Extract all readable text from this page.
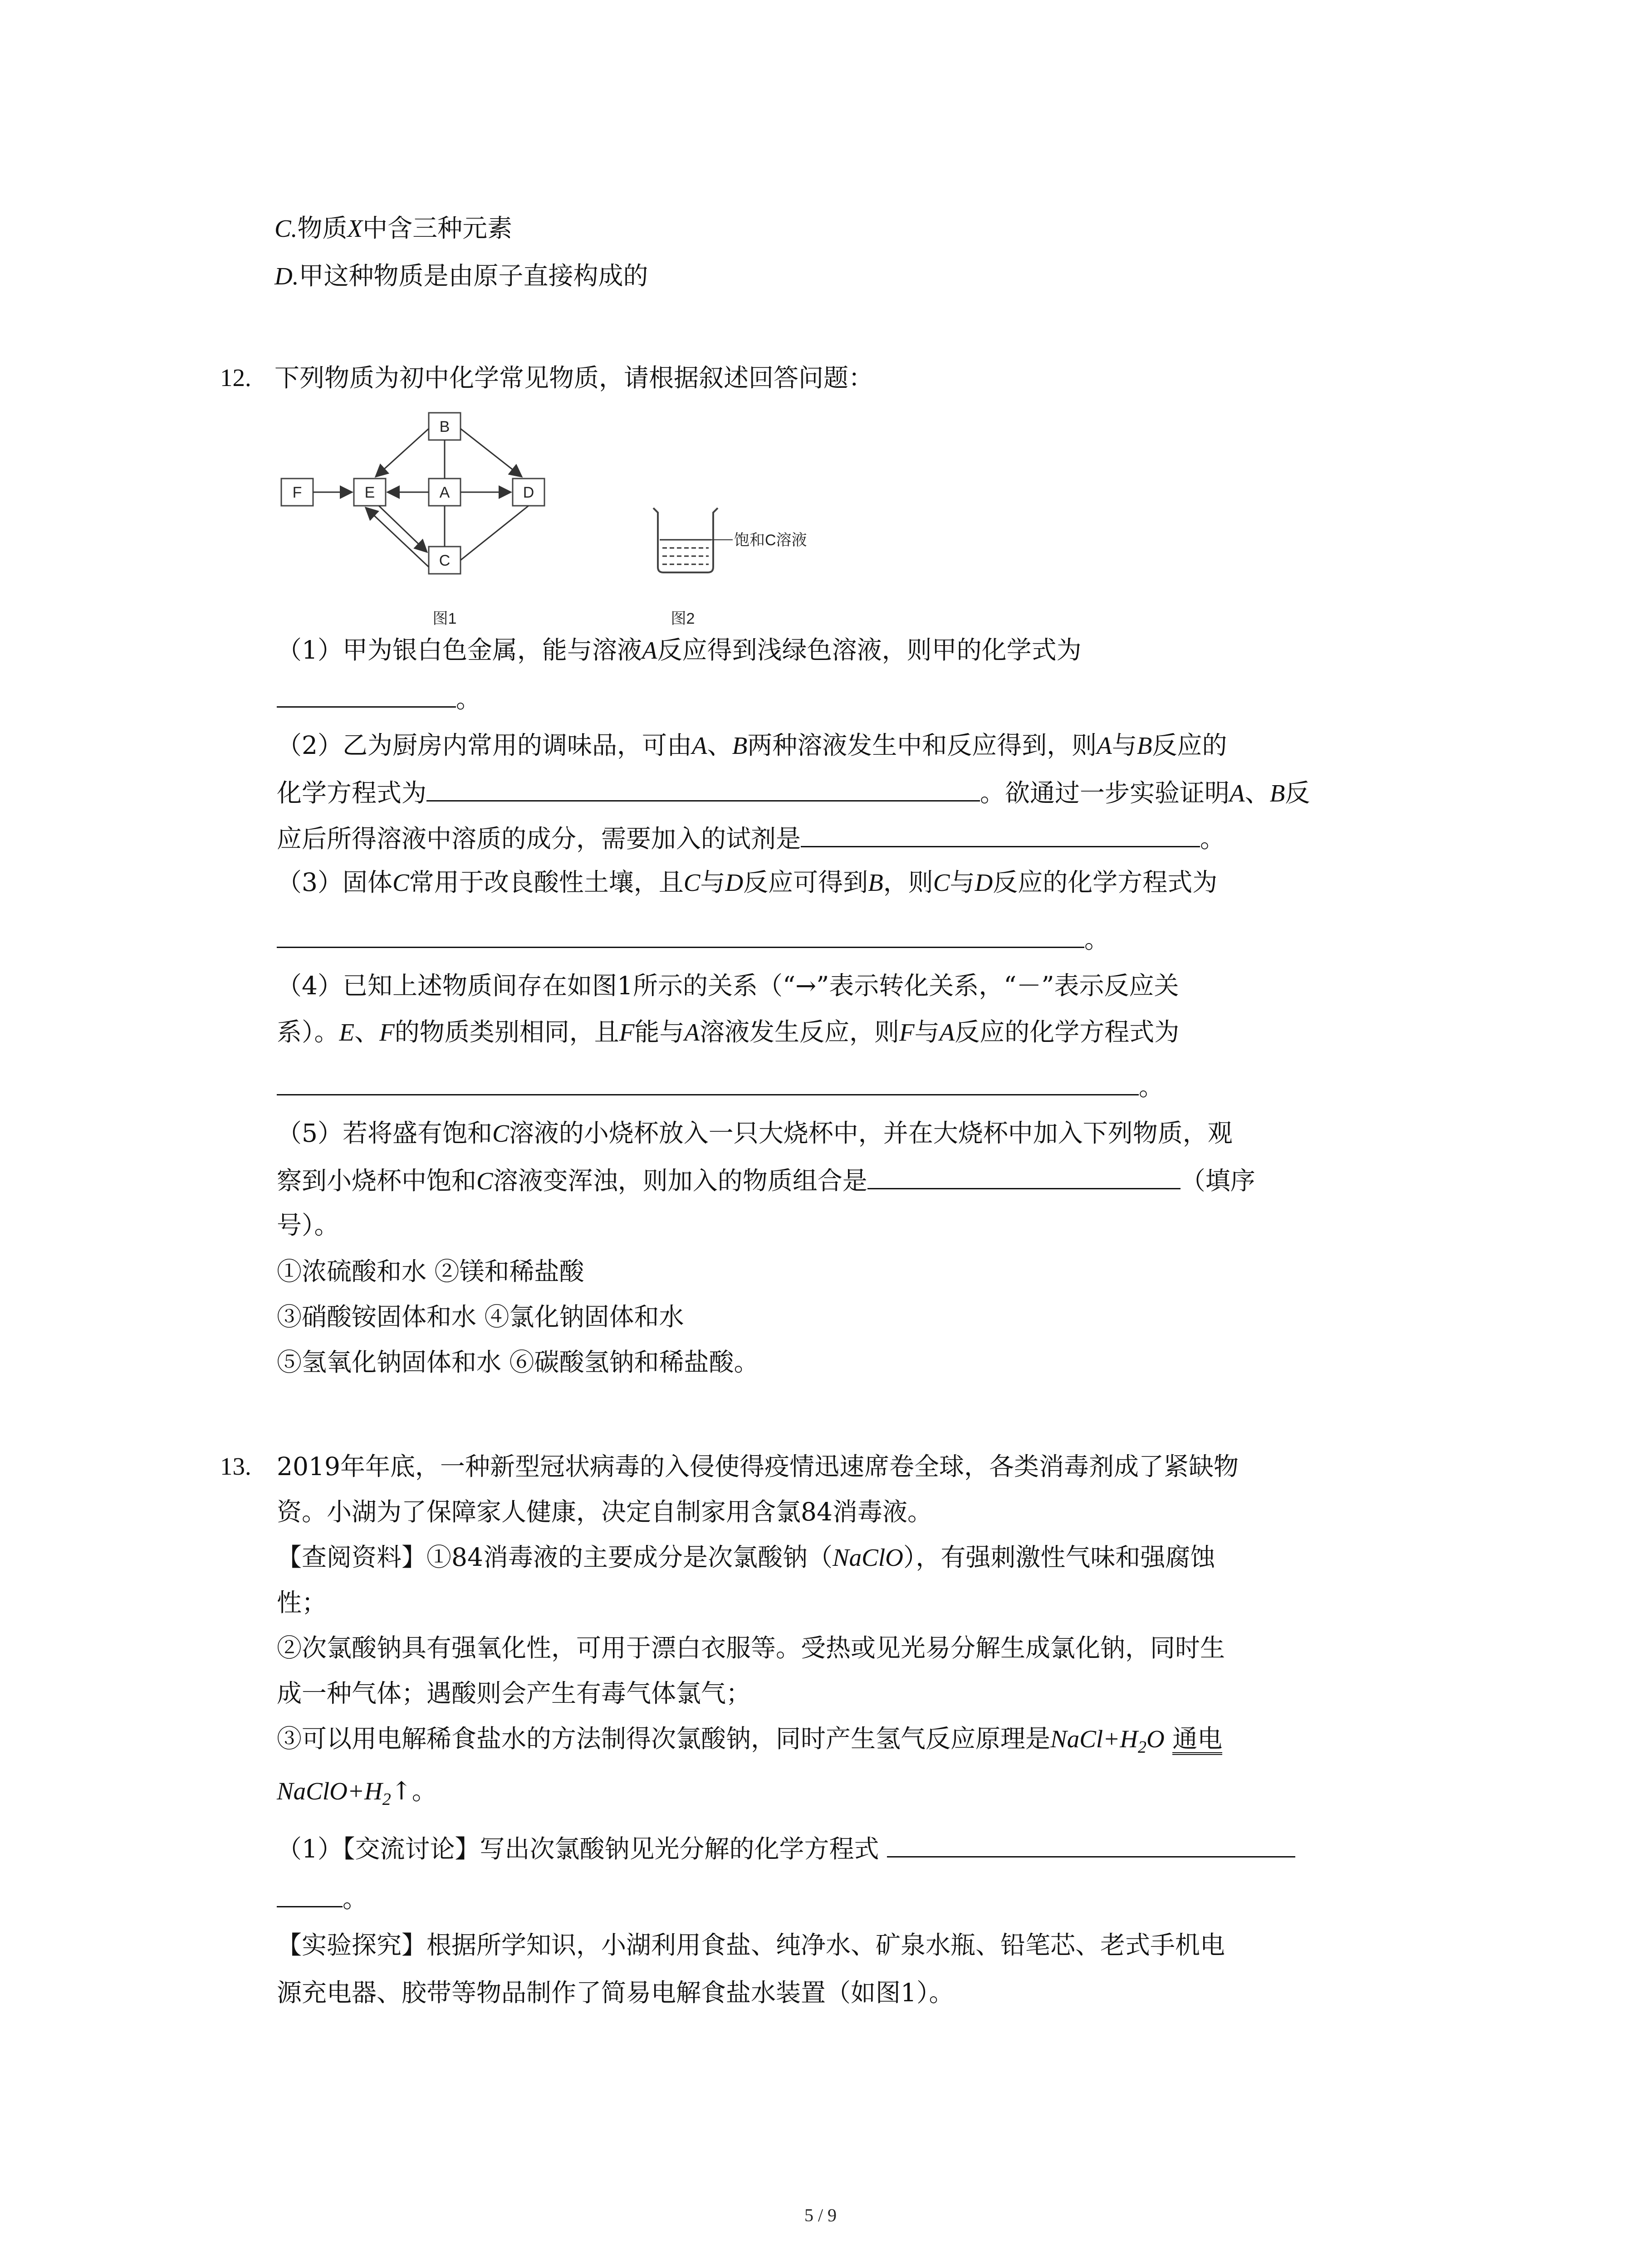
C.物质X中含三种元素
D.甲这种物质是由原子直接构成的
12. 下列物质为初中化学常见物质，请根据叙述回答问题：
B
F	E	A	D
C
图1
饱和C溶液
图2
（1）甲为银白色金属，能与溶液A反应得到浅绿色溶液，则甲的化学式为
。
（2）乙为厨房内常用的调味品，可由A、B两种溶液发生中和反应得到，则A与B反应的
化学方程式为	。欲通过一步实验证明A、B反
应后所得溶液中溶质的成分，需要加入的试剂是	。
（3）固体C常用于改良酸性土壤，且C与D反应可得到B，则C与D反应的化学方程式为
。
（4）已知上述物质间存在如图1所示的关系（“→”表示转化关系，“－”表示反应关
系）。E、F的物质类别相同，且F能与A溶液发生反应，则F与A反应的化学方程式为
。
（5）若将盛有饱和C溶液的小烧杯放入一只大烧杯中，并在大烧杯中加入下列物质，观
察到小烧杯中饱和C溶液变浑浊，则加入的物质组合是	（填序
号）。
①浓硫酸和水 ②镁和稀盐酸
③硝酸铵固体和水 ④氯化钠固体和水
⑤氢氧化钠固体和水 ⑥碳酸氢钠和稀盐酸。
13. 2019年年底，一种新型冠状病毒的入侵使得疫情迅速席卷全球，各类消毒剂成了紧缺物
资。小湖为了保障家人健康，决定自制家用含氯84消毒液。
【查阅资料】①84消毒液的主要成分是次氯酸钠（NaClO），有强刺激性气味和强腐蚀
性；
②次氯酸钠具有强氧化性，可用于漂白衣服等。受热或见光易分解生成氯化钠，同时生
成一种气体；遇酸则会产生有毒气体氯气；
③可以用电解稀食盐水的方法制得次氯酸钠，同时产生氢气反应原理是$NaCl+H_2O$ 通电
$NaClO+H_2↑$。
（1）【交流讨论】写出次氯酸钠见光分解的化学方程式
。
【实验探究】根据所学知识，小湖利用食盐、纯净水、矿泉水瓶、铅笔芯、老式手机电
源充电器、胶带等物品制作了简易电解食盐水装置（如图1）。
5 / 9
